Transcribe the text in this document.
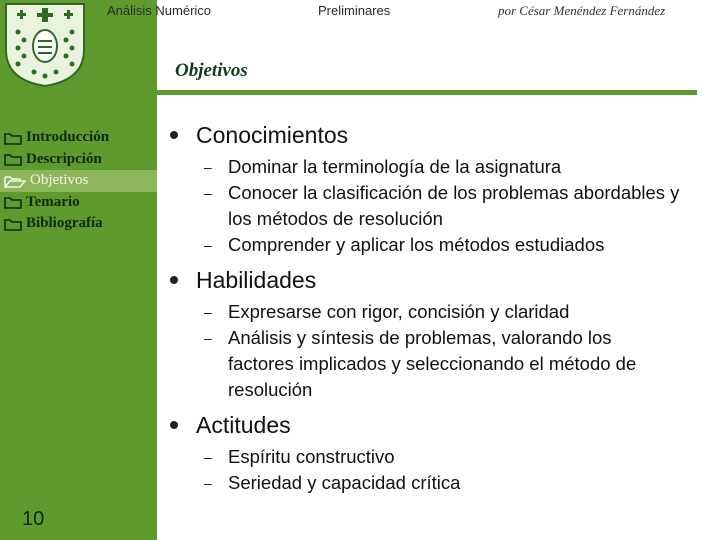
Análisis Numérico	Preliminares	por César Menéndez Fernández
Objetivos
Introducción
Descripción
Objetivos
Temario
Bibliografía
10
Conocimientos
– Dominar la terminología de la asignatura
– Conocer la clasificación de los problemas abordables y los métodos de resolución
– Comprender y aplicar los métodos estudiados
Habilidades
– Expresarse con rigor, concisión y claridad
– Análisis y síntesis de problemas, valorando los factores implicados y seleccionando el método de resolución
Actitudes
– Espíritu constructivo
– Seriedad y capacidad crítica
